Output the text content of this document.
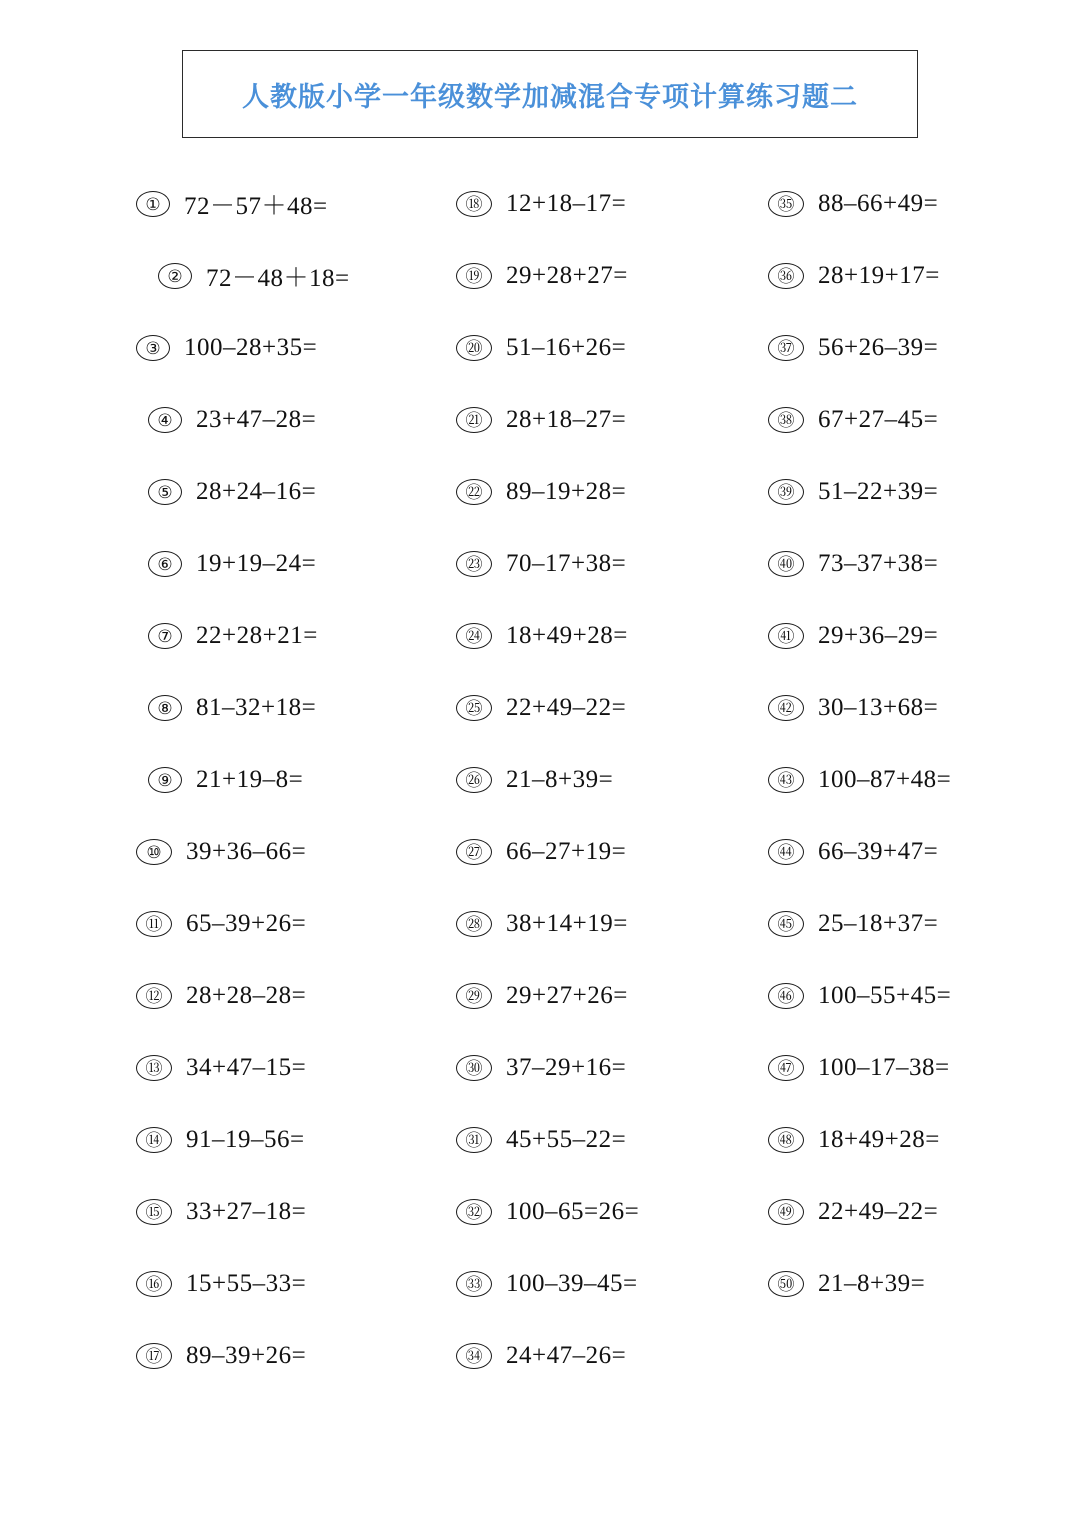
人教版小学一年级数学加减混合专项计算练习题二
① 72－57＋48=
② 72－48＋18=
③ 100–28+35=
④ 23+47–28=
⑤ 28+24–16=
⑥ 19+19–24=
⑦ 22+28+21=
⑧ 81–32+18=
⑨ 21+19–8=
⑩ 39+36–66=
⑪ 65–39+26=
⑫ 28+28–28=
⑬ 34+47–15=
⑭ 91–19–56=
⑮ 33+27–18=
⑯ 15+55–33=
⑰ 89–39+26=
⑱ 12+18–17=
⑲ 29+28+27=
⑳ 51–16+26=
㉑ 28+18–27=
㉒ 89–19+28=
㉓ 70–17+38=
㉔ 18+49+28=
㉕ 22+49–22=
㉖ 21–8+39=
㉗ 66–27+19=
㉘ 38+14+19=
㉙ 29+27+26=
㉚ 37–29+16=
㉛ 45+55–22=
㉜ 100–65=26=
㉝ 100–39–45=
㉞ 24+47–26=
㉟ 88–66+49=
㊱ 28+19+17=
㊲ 56+26–39=
㊳ 67+27–45=
㊴ 51–22+39=
㊵ 73–37+38=
㊶ 29+36–29=
㊷ 30–13+68=
㊸ 100–87+48=
㊹ 66–39+47=
㊺ 25–18+37=
㊻ 100–55+45=
㊼ 100–17–38=
㊽ 18+49+28=
㊾ 22+49–22=
㊿ 21–8+39=
